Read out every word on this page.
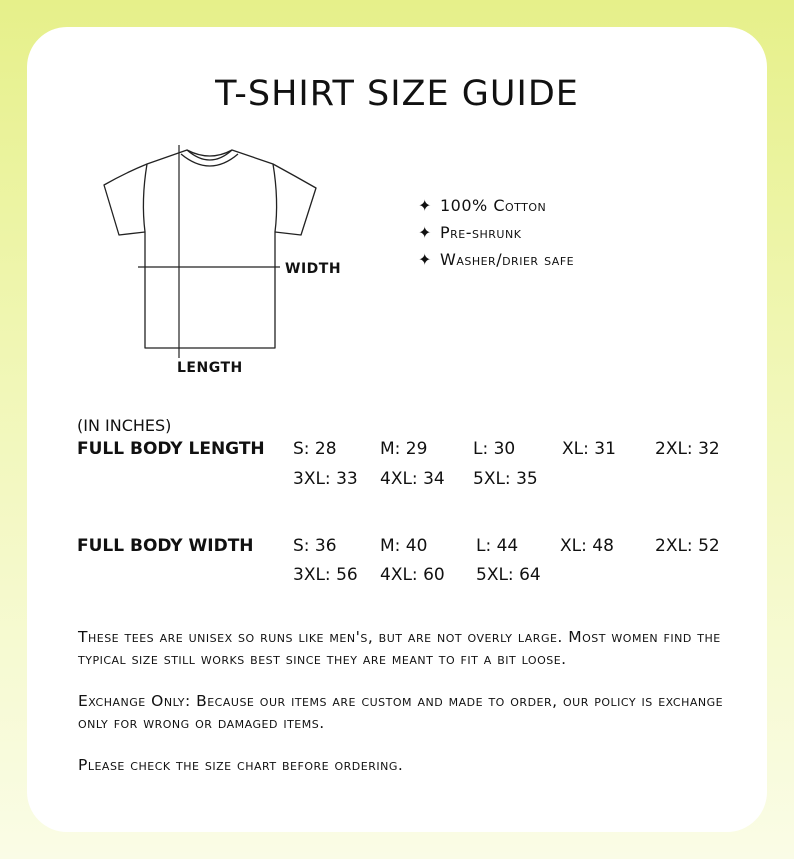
T-SHIRT SIZE GUIDE
WIDTH
LENGTH
✦ 100% Cotton
✦ Pre-shrunk
✦ Washer/drier safe
(IN INCHES)
FULL BODY LENGTH S: 28	M: 29	L: 30	XL: 31 2XL: 32
3XL: 33 4XL: 34 5XL: 35
FULL BODY WIDTH S: 36	M: 40	L: 44 XL: 48 2XL: 52
3XL: 56 4XL: 60 5XL: 64

These tees are unisex so runs like men's, but are not overly large. Most women find the typical size still works best since they are meant to fit a bit loose.

Exchange Only: Because our items are custom and made to order, our policy is exchange only for wrong or damaged items.

Please check the size chart before ordering.
